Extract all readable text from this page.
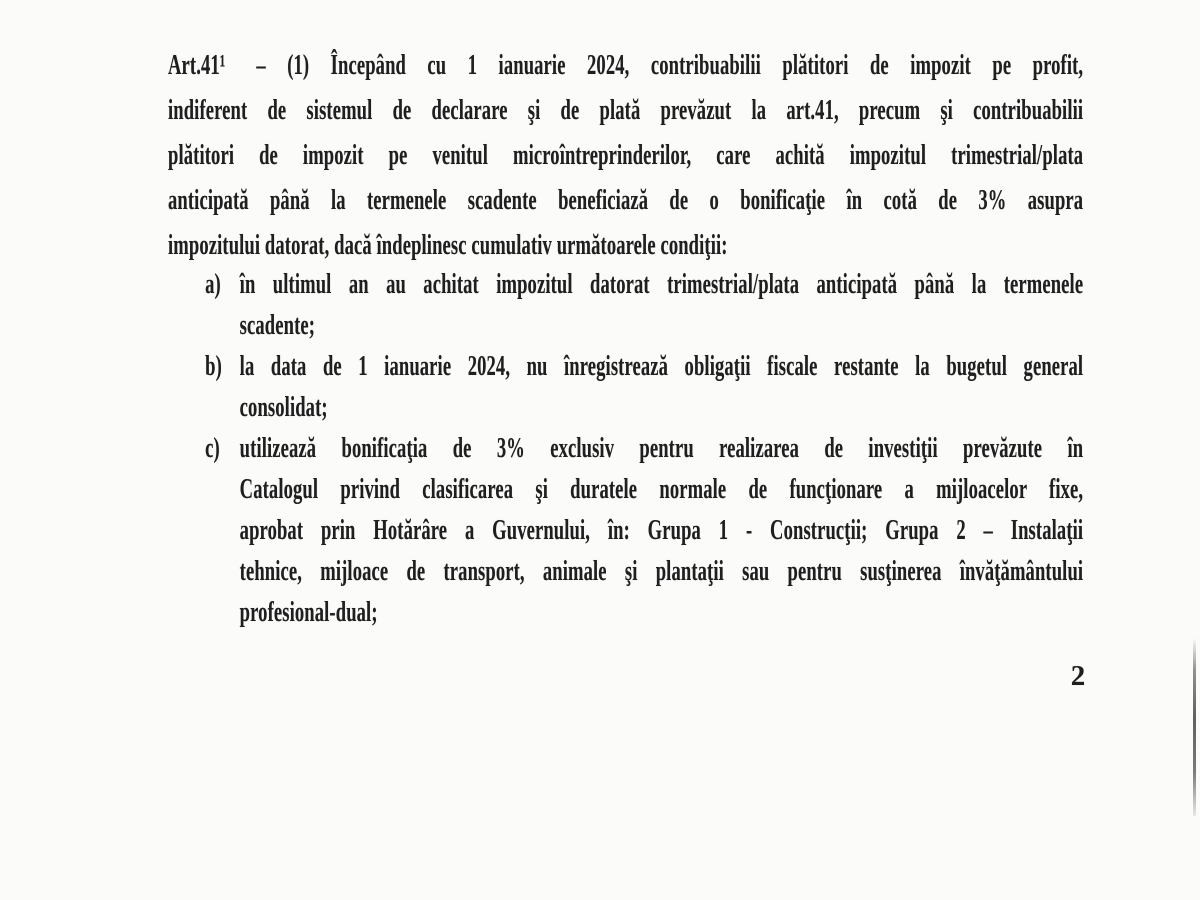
Art.41¹  – (1) Începând cu 1 ianuarie 2024, contribuabilii plătitori de impozit pe profit,
indiferent de sistemul de declarare şi de plată prevăzut la art.41, precum şi contribuabilii
plătitori de impozit pe venitul microîntreprinderilor, care achită impozitul trimestrial/plata
anticipată până la termenele scadente beneficiază de o bonificaţie în cotă de 3% asupra
impozitului datorat, dacă îndeplinesc cumulativ următoarele condiţii:
a) în ultimul an au achitat impozitul datorat trimestrial/plata anticipată până la termenele
scadente;
b) la data de 1 ianuarie 2024, nu înregistrează obligaţii fiscale restante la bugetul general
consolidat;
c) utilizează bonificaţia de 3% exclusiv pentru realizarea de investiţii prevăzute în
Catalogul privind clasificarea şi duratele normale de funcţionare a mijloacelor fixe,
aprobat prin Hotărâre a Guvernului, în: Grupa 1 - Construcţii; Grupa 2 – Instalaţii
tehnice, mijloace de transport, animale şi plantaţii sau pentru susţinerea învăţământului
profesional-dual;
2
